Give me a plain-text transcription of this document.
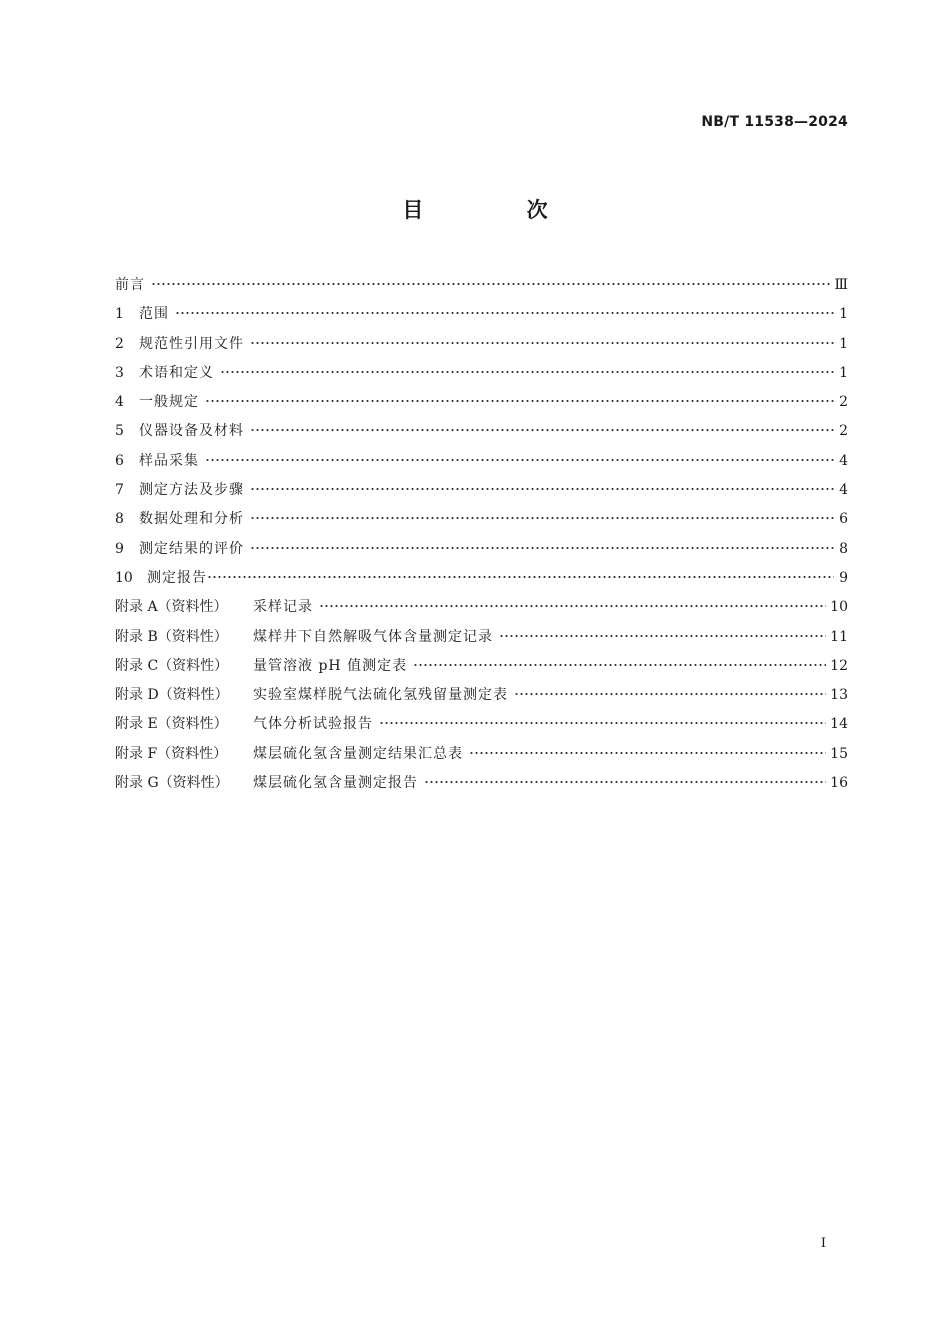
NB/T 11538—2024
目 次
前言	Ⅲ
1	范围	1
2	规范性引用文件	1
3	术语和定义	1
4	一般规定	2
5	仪器设备及材料	2
6	样品采集	4
7	测定方法及步骤	4
8	数据处理和分析	6
9	测定结果的评价	8
10	测定报告	9
附录 A（资料性）	采样记录	10
附录 B（资料性）	煤样井下自然解吸气体含量测定记录	11
附录 C（资料性）	量管溶液 pH 值测定表	12
附录 D（资料性）	实验室煤样脱气法硫化氢残留量测定表	13
附录 E（资料性）	气体分析试验报告	14
附录 F（资料性）	煤层硫化氢含量测定结果汇总表	15
附录 G（资料性）	煤层硫化氢含量测定报告	16
Ⅰ
